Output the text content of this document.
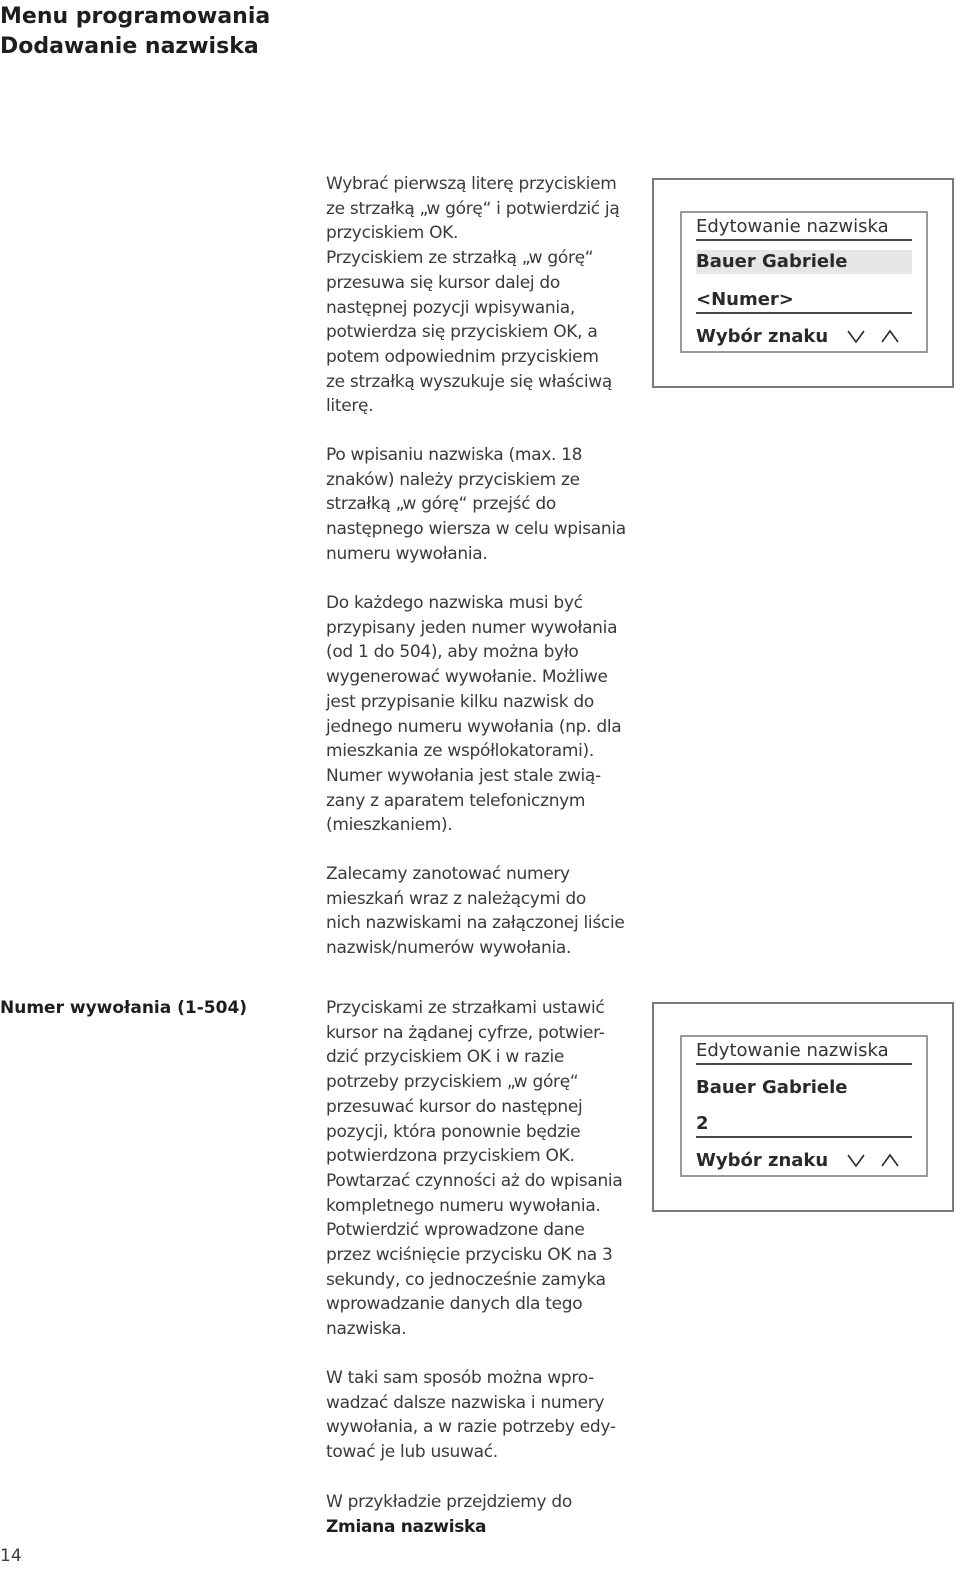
Menu programowania
Dodawanie nazwiska

Wybrać pierwszą literę przyciskiem
ze strzałką „w górę“ i potwierdzić ją
przyciskiem OK.
Przyciskiem ze strzałką „w górę“
przesuwa się kursor dalej do
następnej pozycji wpisywania,
potwierdza się przyciskiem OK, a
potem odpowiednim przyciskiem
ze strzałką wyszukuje się właściwą
literę.

Po wpisaniu nazwiska (max. 18
znaków) należy przyciskiem ze
strzałką „w górę“ przejść do
następnego wiersza w celu wpisania
numeru wywołania.

Do każdego nazwiska musi być
przypisany jeden numer wywołania
(od 1 do 504), aby można było
wygenerować wywołanie. Możliwe
jest przypisanie kilku nazwisk do
jednego numeru wywołania (np. dla
mieszkania ze współlokatorami).
Numer wywołania jest stale zwią-
zany z aparatem telefonicznym
(mieszkaniem).

Zalecamy zanotować numery
mieszkań wraz z należącymi do
nich nazwiskami na załączonej liście
nazwisk/numerów wywołania.

Numer wywołania (1-504)	Przyciskami ze strzałkami ustawić
kursor na żądanej cyfrze, potwier-
dzić przyciskiem OK i w razie
potrzeby przyciskiem „w górę“
przesuwać kursor do następnej
pozycji, która ponownie będzie
potwierdzona przyciskiem OK.
Powtarzać czynności aż do wpisania
kompletnego numeru wywołania.
Potwierdzić wprowadzone dane
przez wciśnięcie przycisku OK na 3
sekundy, co jednocześnie zamyka
wprowadzanie danych dla tego
nazwiska.

W taki sam sposób można wpro-
wadzać dalsze nazwiska i numery
wywołania, a w razie potrzeby edy-
tować je lub usuwać.

W przykładzie przejdziemy do
Zmiana nazwiska

Edytowanie nazwiska
Bauer Gabriele
<Numer>
Wybór znaku
Edytowanie nazwiska
Bauer Gabriele
2
Wybór znaku
14
